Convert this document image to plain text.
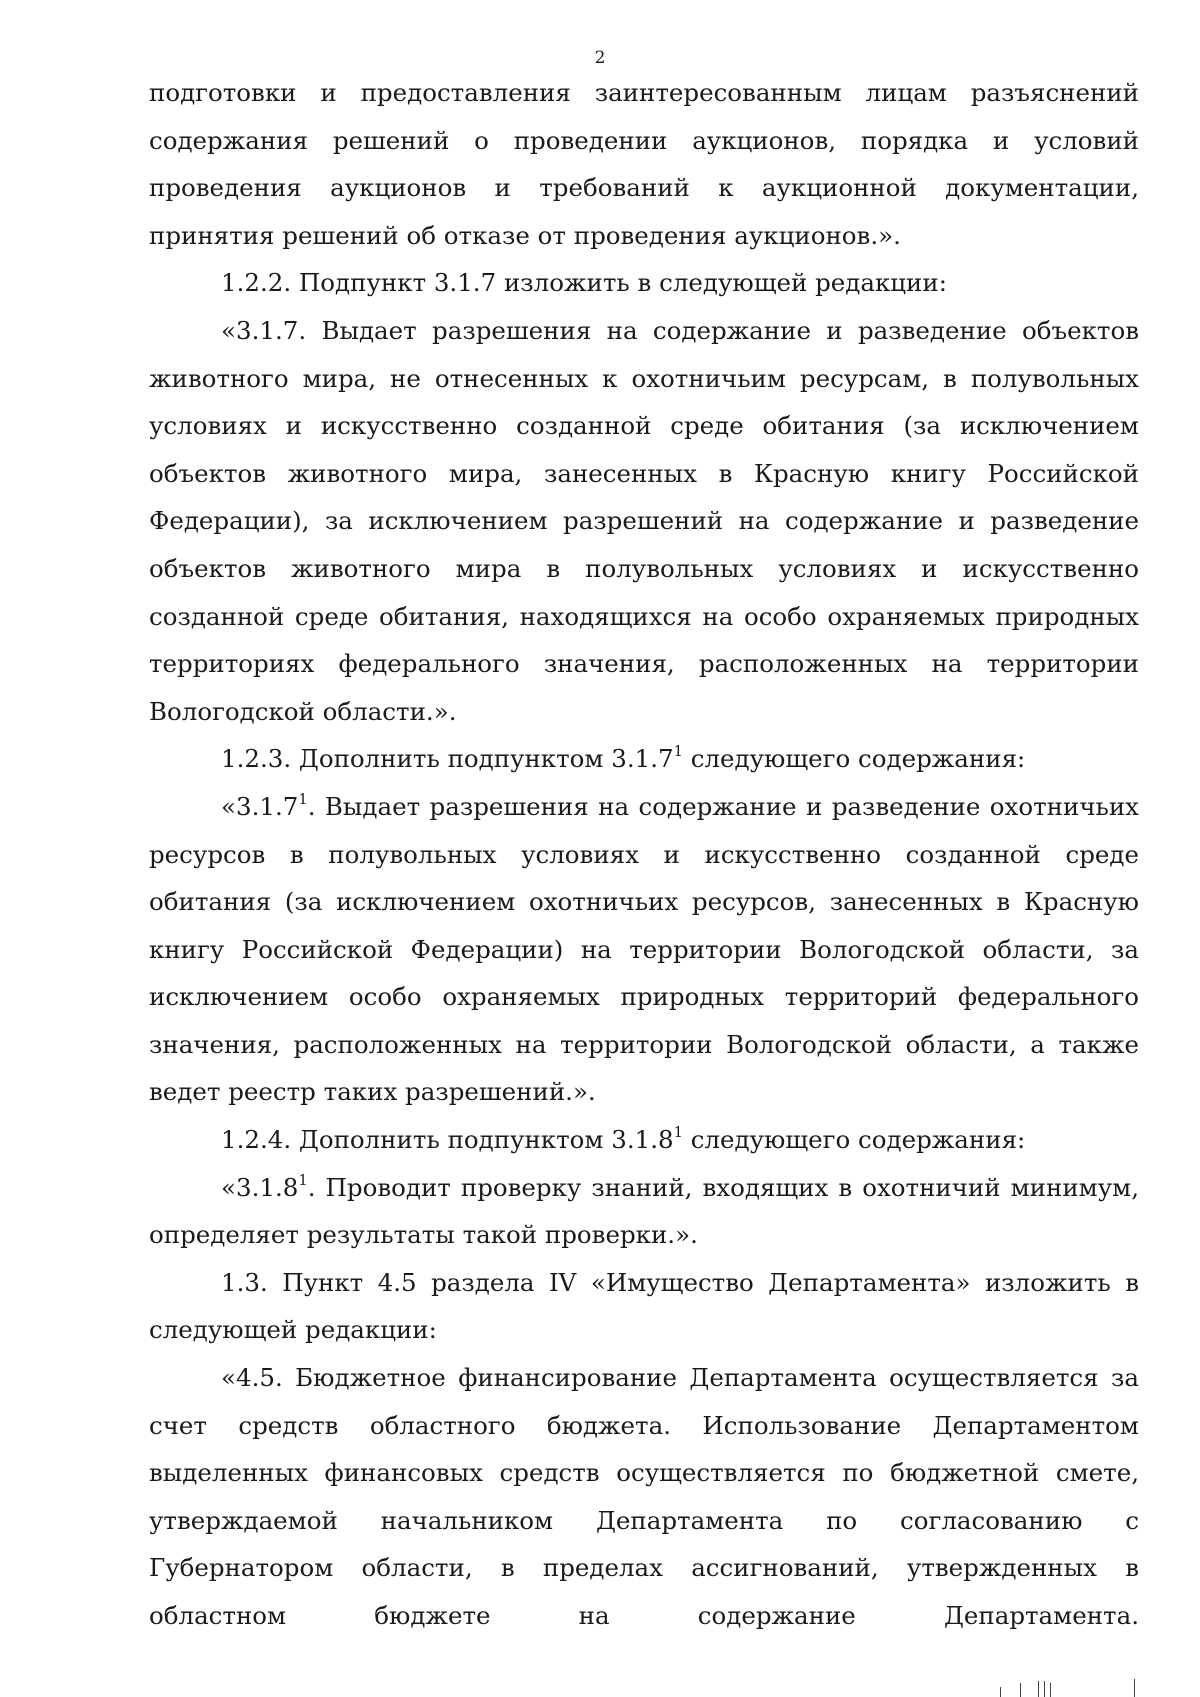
2

подготовки и предоставления заинтересованным лицам разъяснений содержания решений о проведении аукционов, порядка и условий проведения аукционов и требований к аукционной документации, принятия решений об отказе от проведения аукционов.».

1.2.2. Подпункт 3.1.7 изложить в следующей редакции:

«3.1.7. Выдает разрешения на содержание и разведение объектов животного мира, не отнесенных к охотничьим ресурсам, в полувольных условиях и искусственно созданной среде обитания (за исключением объектов животного мира, занесенных в Красную книгу Российской Федерации), за исключением разрешений на содержание и разведение объектов животного мира в полувольных условиях и искусственно созданной среде обитания, находящихся на особо охраняемых природных территориях федерального значения, расположенных на территории Вологодской области.».

1.2.3. Дополнить подпунктом 3.1.7$^1$ следующего содержания:

«3.1.7$^1$. Выдает разрешения на содержание и разведение охотничьих ресурсов в полувольных условиях и искусственно созданной среде обитания (за исключением охотничьих ресурсов, занесенных в Красную книгу Российской Федерации) на территории Вологодской области, за исключением особо охраняемых природных территорий федерального значения, расположенных на территории Вологодской области, а также ведет реестр таких разрешений.».

1.2.4. Дополнить подпунктом 3.1.8$^1$ следующего содержания:

«3.1.8$^1$. Проводит проверку знаний, входящих в охотничий минимум, определяет результаты такой проверки.».

1.3. Пункт 4.5 раздела IV «Имущество Департамента» изложить в следующей редакции:

«4.5. Бюджетное финансирование Департамента осуществляется за счет средств областного бюджета. Использование Департаментом выделенных финансовых средств осуществляется по бюджетной смете, утверждаемой начальником Департамента по согласованию с Губернатором области, в пределах ассигнований, утвержденных в областном бюджете на содержание Департамента.
